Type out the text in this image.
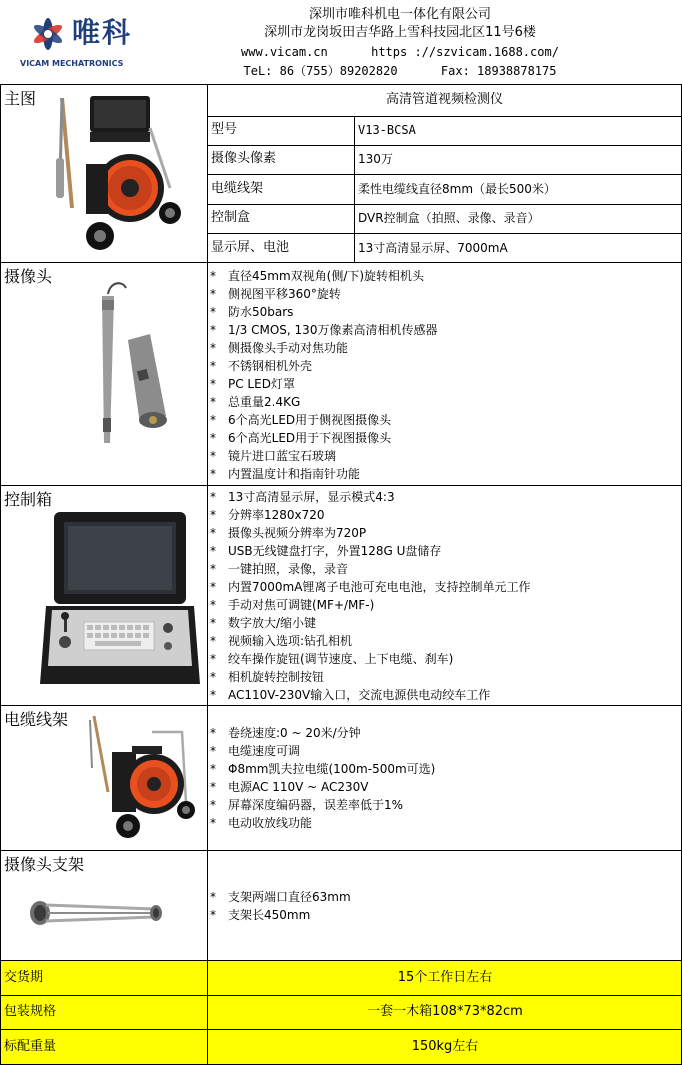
唯科
VICAM MECHATRONICS
深圳市唯科机电一体化有限公司
深圳市龙岗坂田吉华路上雪科技园北区11号6楼
www.vicam.cn      https ://szvicam.1688.com/
TeL: 86（755）89202820      Fax: 18938878175
主图	高清管道视频检测仪
型号	V13-BCSA
摄像头像素	130万
电缆线架	柔性电缆线直径8mm（最长500米）
控制盒	DVR控制盒（拍照、录像、录音）
显示屏、电池	13寸高清显示屏、7000mA
摄像头	* 直径45mm双视角(侧/下)旋转相机头
* 侧视图平移360°旋转
* 防水50bars
* 1/3 CMOS, 130万像素高清相机传感器
* 侧摄像头手动对焦功能
* 不锈钢相机外壳
* PC LED灯罩
* 总重量2.4KG
* 6个高光LED用于侧视图摄像头
* 6个高光LED用于下视图摄像头
* 镜片进口蓝宝石玻璃
* 内置温度计和指南针功能
控制箱	* 13寸高清显示屏，显示模式4:3
* 分辨率1280x720
* 摄像头视频分辨率为720P
* USB无线键盘打字，外置128G U盘储存
* 一键拍照，录像，录音
* 内置7000mA锂离子电池可充电电池，支持控制单元工作
* 手动对焦可调键(MF+/MF-)
* 数字放大/缩小键
* 视频输入选项:钻孔相机
* 绞车操作旋钮(调节速度、上下电缆、刹车)
* 相机旋转控制按钮
* AC110V-230V输入口，交流电源供电动绞车工作
电缆线架
* 卷绕速度:0 ~ 20米/分钟
* 电缆速度可调
* Φ8mm凯夫拉电缆(100m-500m可选)
* 电源AC 110V ~ AC230V
* 屏幕深度编码器，误差率低于1%
* 电动收放线功能
摄像头支架
* 支架两端口直径63mm
* 支架长450mm
交货期	15个工作日左右
包装规格	一套一木箱108*73*82cm
标配重量	150kg左右
